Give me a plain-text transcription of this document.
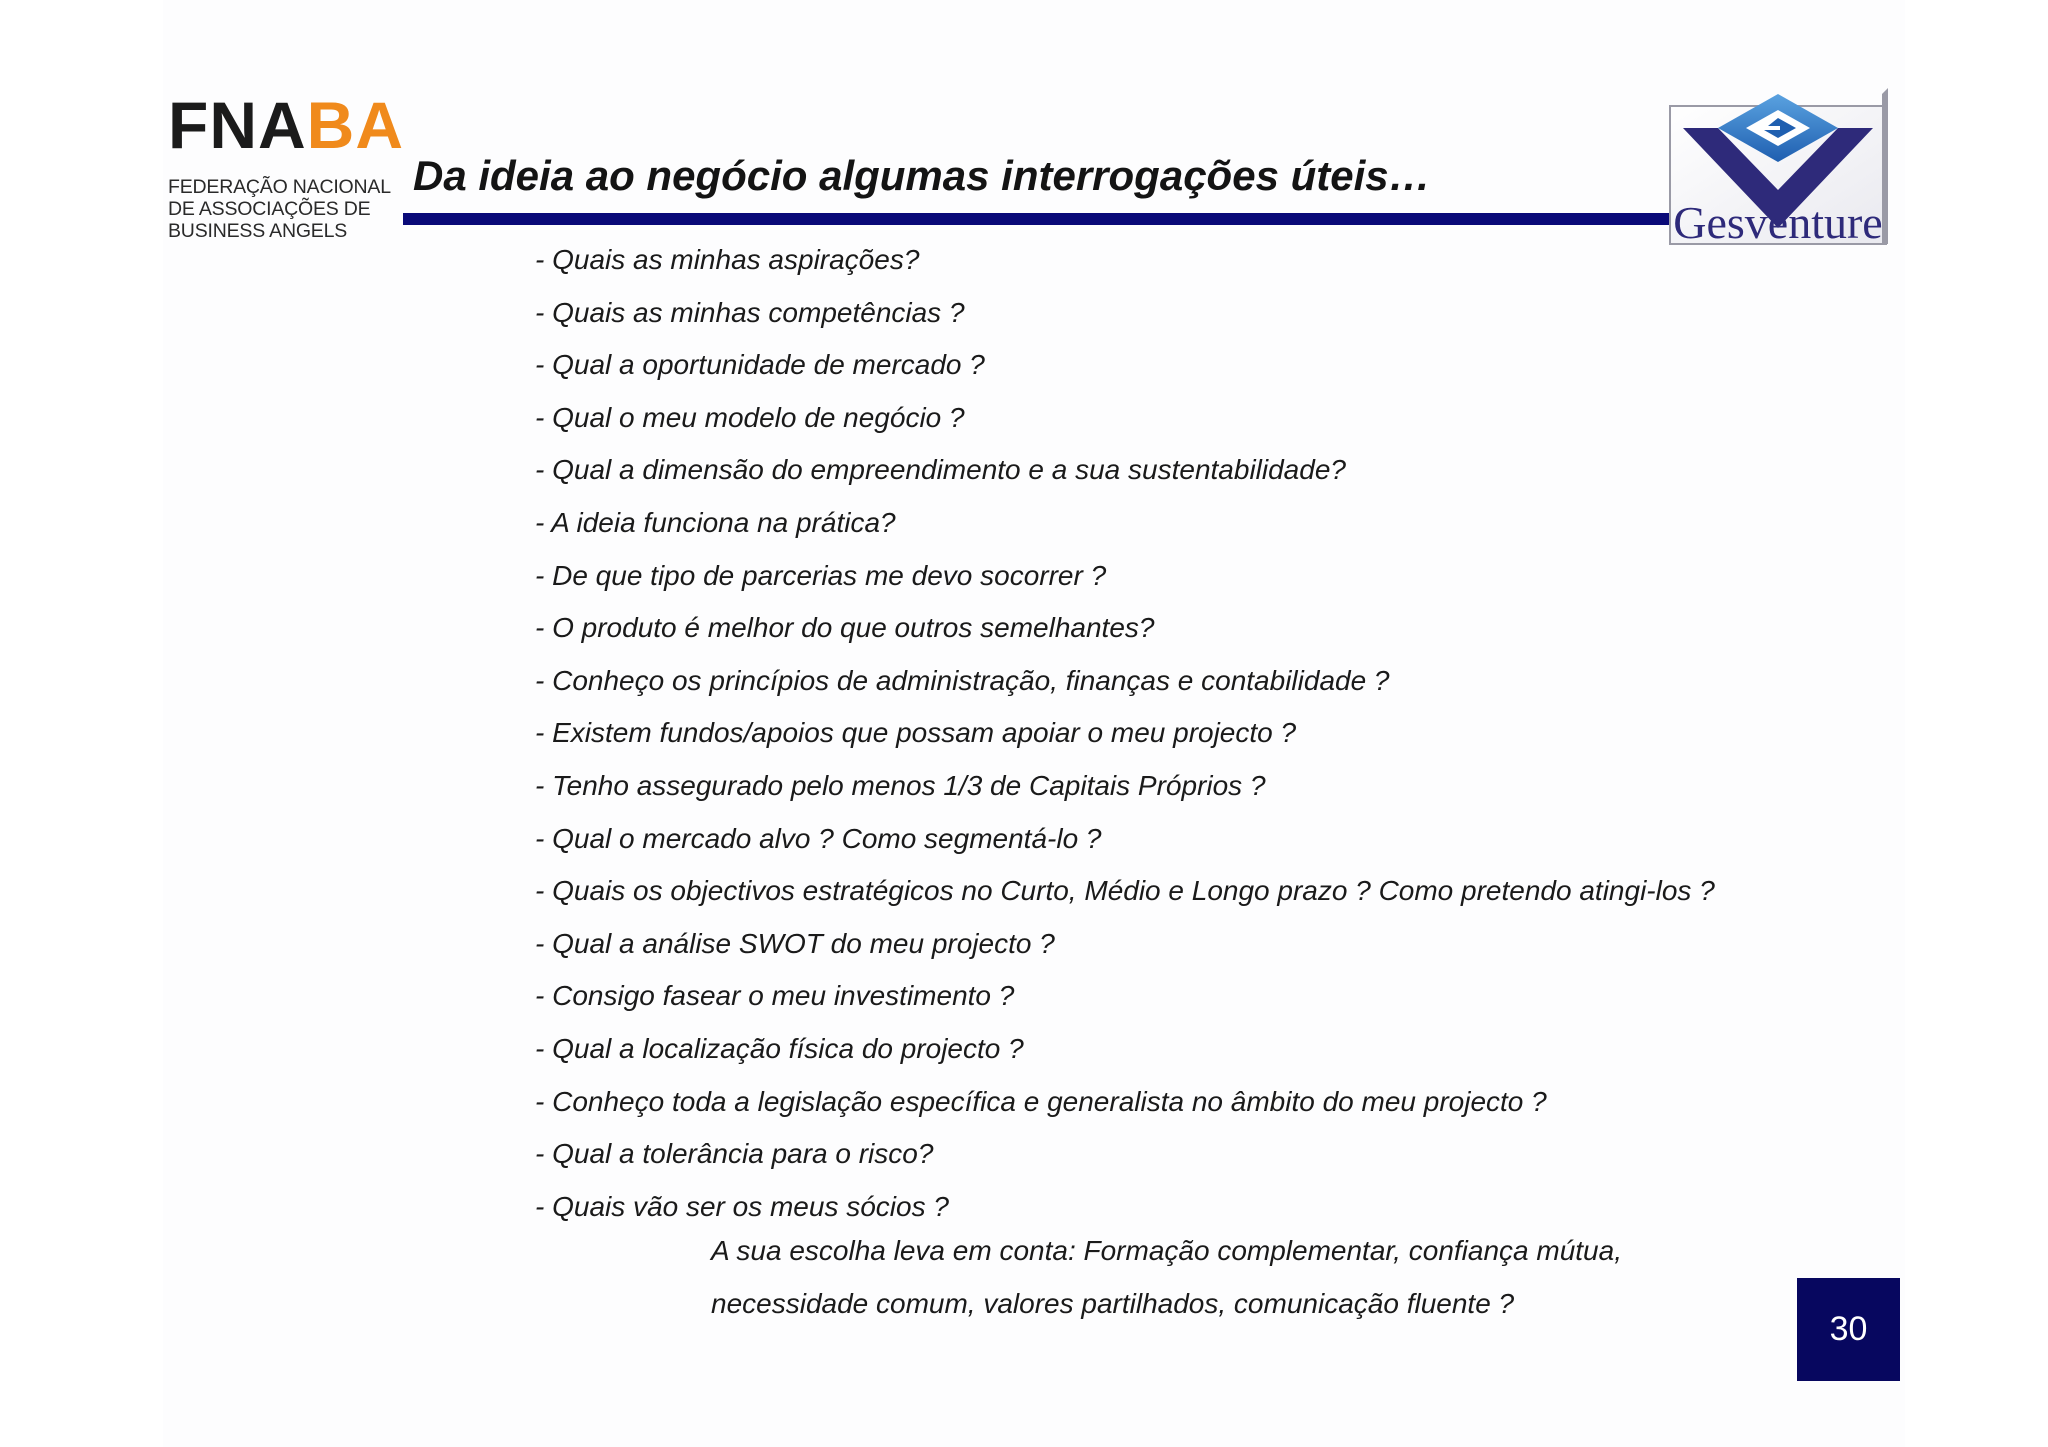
FNABA
FEDERAÇÃO NACIONAL
DE ASSOCIAÇÕES DE
BUSINESS ANGELS
Da ideia ao negócio algumas interrogações úteis…
Gesventure
- Quais as minhas aspirações?
- Quais as minhas competências ?
- Qual a oportunidade de mercado ?
- Qual o meu modelo de negócio ?
- Qual a dimensão do empreendimento e a sua sustentabilidade?
- A ideia funciona na prática?
- De que tipo de parcerias me devo socorrer ?
- O produto é melhor do que outros semelhantes?
- Conheço os princípios de administração, finanças e contabilidade ?
- Existem fundos/apoios que possam apoiar o meu projecto ?
- Tenho assegurado pelo menos 1/3 de Capitais Próprios ?
- Qual o mercado alvo ? Como segmentá-lo ?
- Quais os objectivos estratégicos no Curto, Médio e Longo prazo ? Como pretendo atingi-los ?
- Qual a análise SWOT do meu projecto ?
- Consigo fasear o meu investimento ?
- Qual a localização física do projecto ?
- Conheço toda a legislação específica e generalista no âmbito do meu projecto ?
- Qual a tolerância para o risco?
- Quais vão ser os meus sócios ?
A sua escolha leva em conta: Formação complementar, confiança mútua,
necessidade comum, valores partilhados, comunicação fluente ?
30
